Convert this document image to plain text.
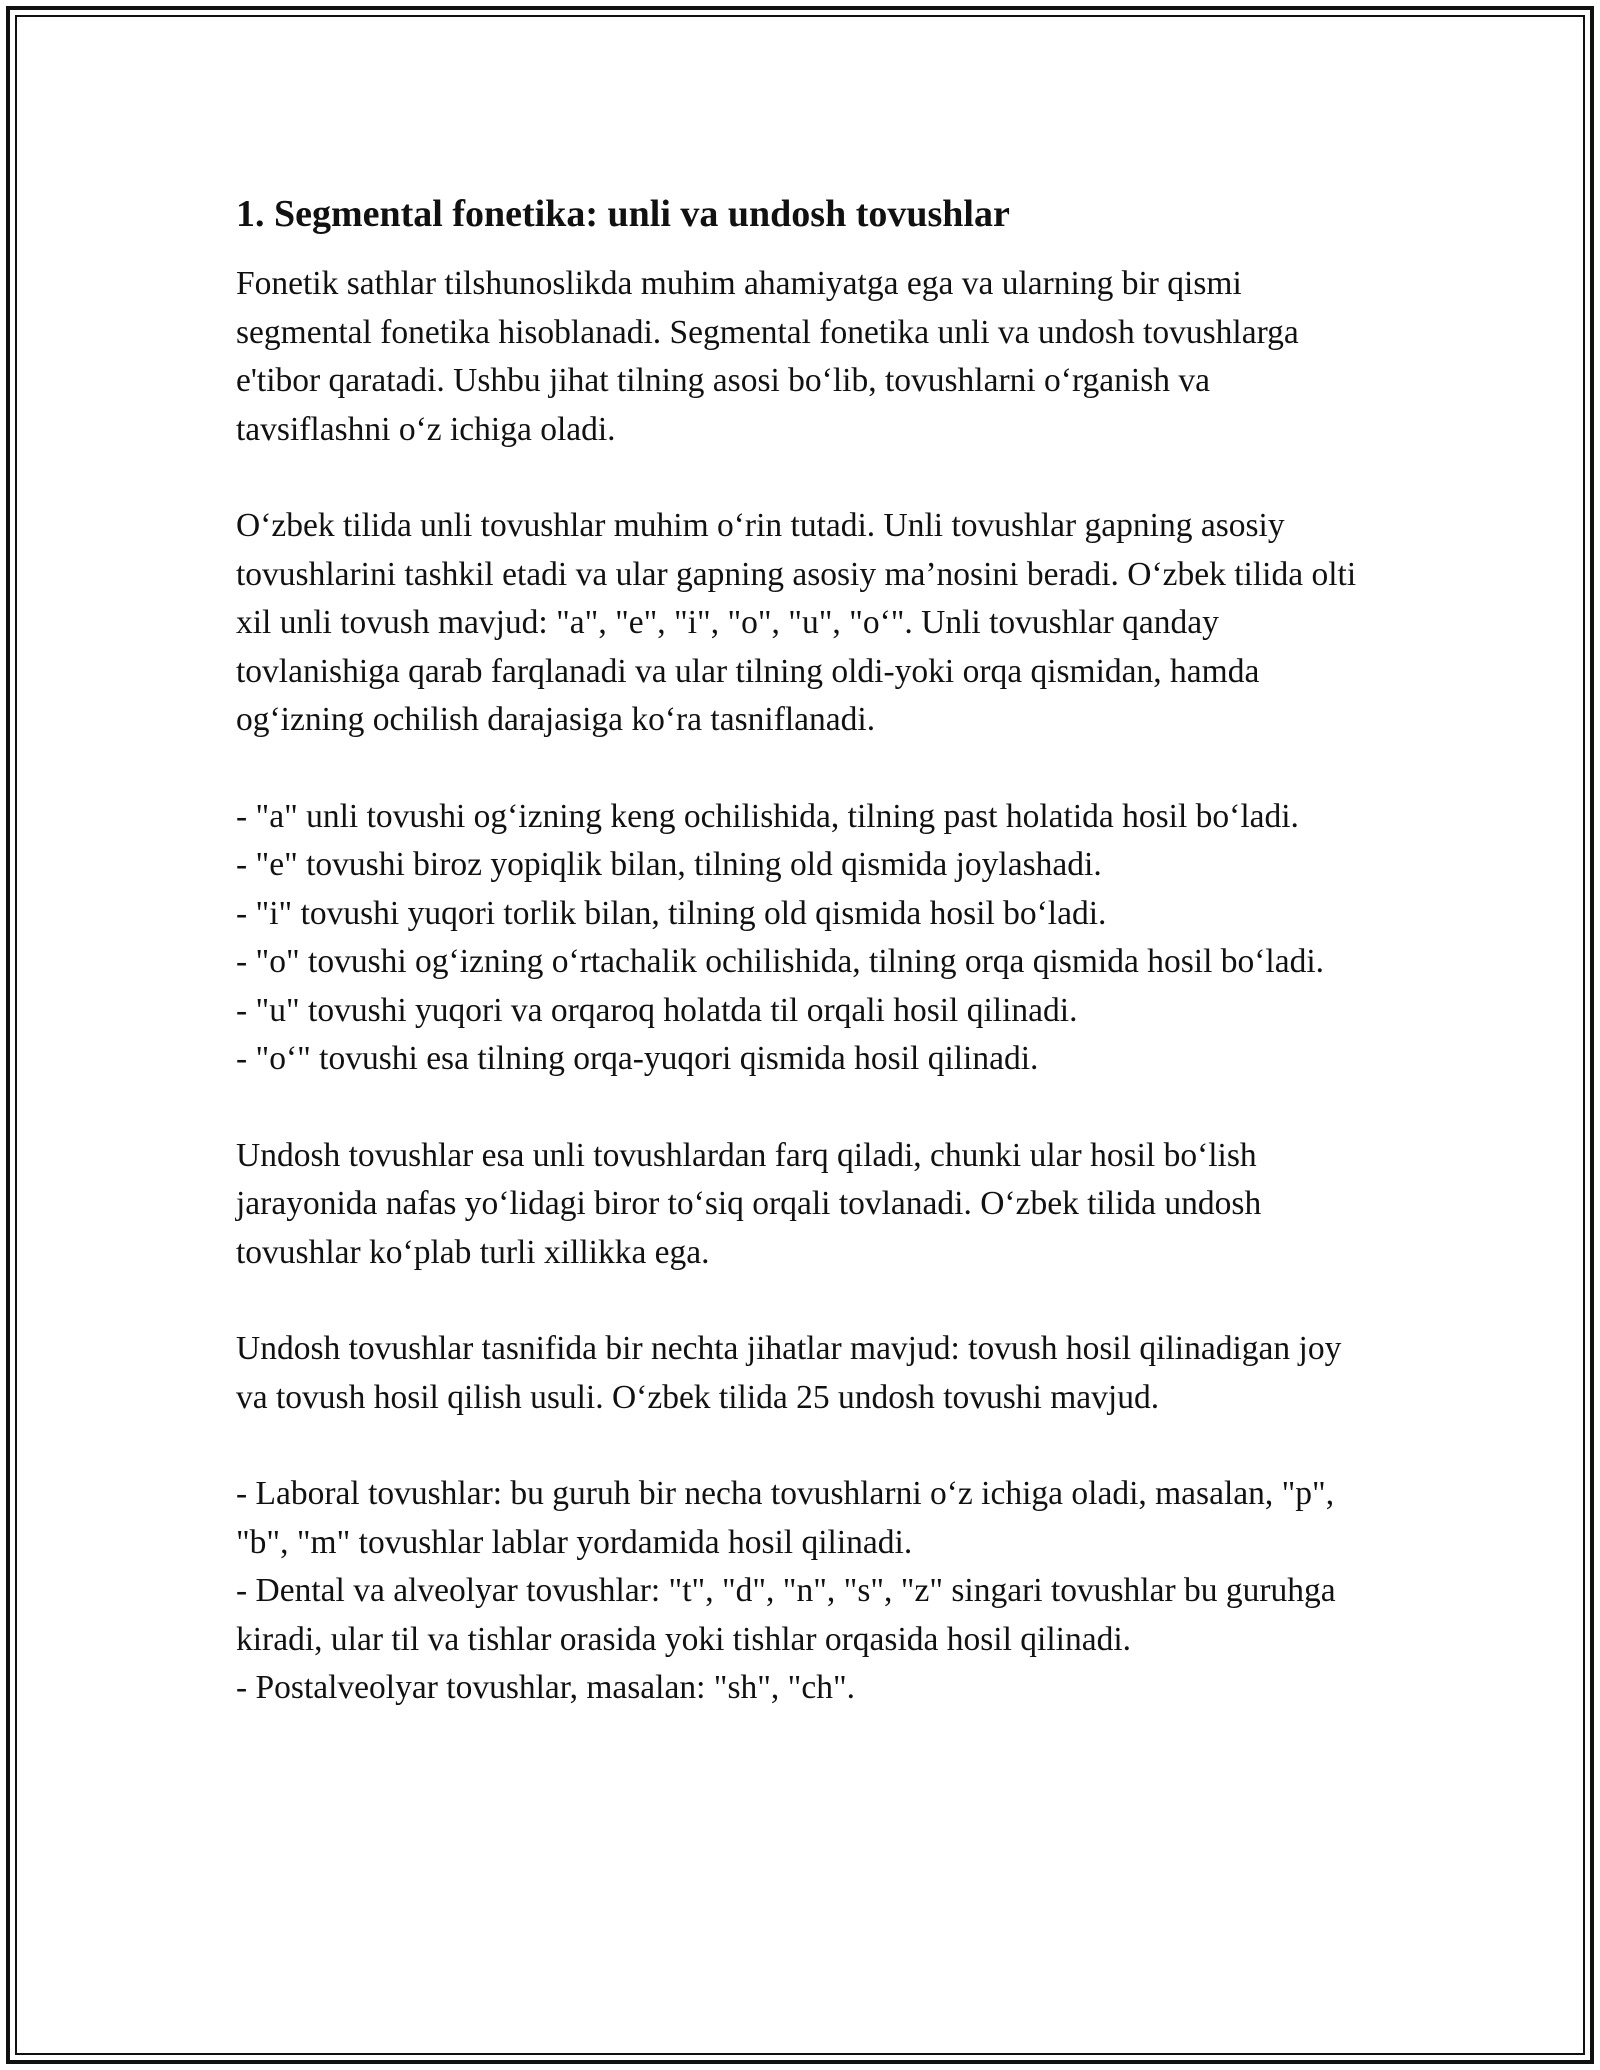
1. Segmental fonetika: unli va undosh tovushlar

Fonetik sathlar tilshunoslikda muhim ahamiyatga ega va ularning bir qismi segmental fonetika hisoblanadi. Segmental fonetika unli va undosh tovushlarga e'tibor qaratadi. Ushbu jihat tilning asosi bo‘lib, tovushlarni o‘rganish va tavsiflashni o‘z ichiga oladi.

O‘zbek tilida unli tovushlar muhim o‘rin tutadi. Unli tovushlar gapning asosiy tovushlarini tashkil etadi va ular gapning asosiy ma’nosini beradi. O‘zbek tilida olti xil unli tovush mavjud: "a", "e", "i", "o", "u", "o‘". Unli tovushlar qanday tovlanishiga qarab farqlanadi va ular tilning oldi-yoki orqa qismidan, hamda og‘izning ochilish darajasiga ko‘ra tasniflanadi.

- "a" unli tovushi og‘izning keng ochilishida, tilning past holatida hosil bo‘ladi.
- "e" tovushi biroz yopiqlik bilan, tilning old qismida joylashadi.
- "i" tovushi yuqori torlik bilan, tilning old qismida hosil bo‘ladi.
- "o" tovushi og‘izning o‘rtachalik ochilishida, tilning orqa qismida hosil bo‘ladi.
- "u" tovushi yuqori va orqaroq holatda til orqali hosil qilinadi.
- "o‘" tovushi esa tilning orqa-yuqori qismida hosil qilinadi.

Undosh tovushlar esa unli tovushlardan farq qiladi, chunki ular hosil bo‘lish jarayonida nafas yo‘lidagi biror to‘siq orqali tovlanadi. O‘zbek tilida undosh tovushlar ko‘plab turli xillikka ega.

Undosh tovushlar tasnifida bir nechta jihatlar mavjud: tovush hosil qilinadigan joy va tovush hosil qilish usuli. O‘zbek tilida 25 undosh tovushi mavjud.

- Laboral tovushlar: bu guruh bir necha tovushlarni o‘z ichiga oladi, masalan, "p", "b", "m" tovushlar lablar yordamida hosil qilinadi.
- Dental va alveolyar tovushlar: "t", "d", "n", "s", "z" singari tovushlar bu guruhga kiradi, ular til va tishlar orasida yoki tishlar orqasida hosil qilinadi.
- Postalveolyar tovushlar, masalan: "sh", "ch".
